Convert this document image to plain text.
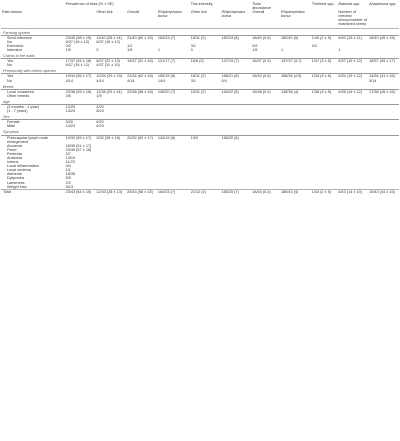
	Prevalence of ticks (% ± SE)				Tick intensity		Ticks abundance		Theileria spp.	Babesia spp.	Anaplasma spp.
Risk factors		Other tick	Overall	Rhipicephalus bursa	Other tick	Rhipicephalus bursa	Overall	Rhipicephalus bursa		Number of infected sheep/number of examined sheep	
Farming system											
Semi-intensive	23/40 (58 ± 15)	11/40 (28 ± 14)	24/40 (60 ± 15)	164/23 (7)	18/11 (2)	182/24 (8)	18/40 (0.5)	182/40 (5)	1/40 (2 ± 5)	6/40 (15 ± 11)	18/40 (45 ± 15)
No	6/37 (16 ± 12)	6/37 (16 ± 12)									
Extensive	0/2		1/2		3/1		0/2		0/2		
Intensive	1/5	0	1/5	1	0		1/5	1		1	
Cracks in the walls											
Yes	17/37 (46 ± 16)	8/37 (22 ± 13)	19/37 (51 ± 16)	121/17 (7)	16/8 (2)	137/19 (7)	16/37 (0.4)	137/37 (3.7)	1/37 (3 ± 5)	6/37 (16 ± 12)	18/37 (49 ± 17)
No	6/37 (16 ± 12)	4/37 (11 ± 10)									
Promiscuity with others species											
Yes	19/34 (56 ± 17)	10/34 (29 ± 15)	21/34 (62 ± 16)	150/19 (8)	16/11 (2)	166/21 (8)	18/34 (0.5)	166/34 (4.9)	1/34 (3 ± 6)	5/34 (15 ± 12)	14/34 (41 ± 16)
No	4/14	4/14	4/14	14/4	3/1	5/4					5/14
Breed											
Local crossbred	20/38 (53 ± 16)	11/38 (29 ± 14)	22/38 (58 ± 16)	145/20 (7)	19/11 (2)	164/22 (8)	15/38 (0.4)	145/38 (4)	1/38 (3 ± 5)	6/38 (16 ± 12)	17/38 (45 ± 16)
Other breeds	3/5	1/5									
Age											
(3 months - 1 year)	10/20	4/20									
(1 - 7 years)	13/23	8/23									
Sex											
Female	9/20	6/20									
Male	14/23	6/23									
Symptom											
Prescapular lymph node enlargement	19/32 (59 ± 17)	9/32 (28 ± 16)	20/32 (63 ± 17)	143/19 (8)	13/9	156/20 (8)					
Anorexia	18/35 (51 ± 17)										
Fever	20/35 (57 ± 16)										
Petechia	3/7										
Anaemia	13/19										
Icterus	11/23										
Local Inflammation	4/4										
Local oedema	1/1										
Asthenia	18/35										
Dyspnoea	5/5										
Lameness	2/2										
Weight loss	9/13										
Total	23/43 (54 ± 15)	12/43 (28 ± 13)	25/43 (58 ± 15)	164/23 (7)	21/12 (2)	185/25 (7)	18/43 (0.4)	185/43 (4)	1/43 (2 ± 5)	6/43 (14 ± 10)	19/43 (44 ± 15)
